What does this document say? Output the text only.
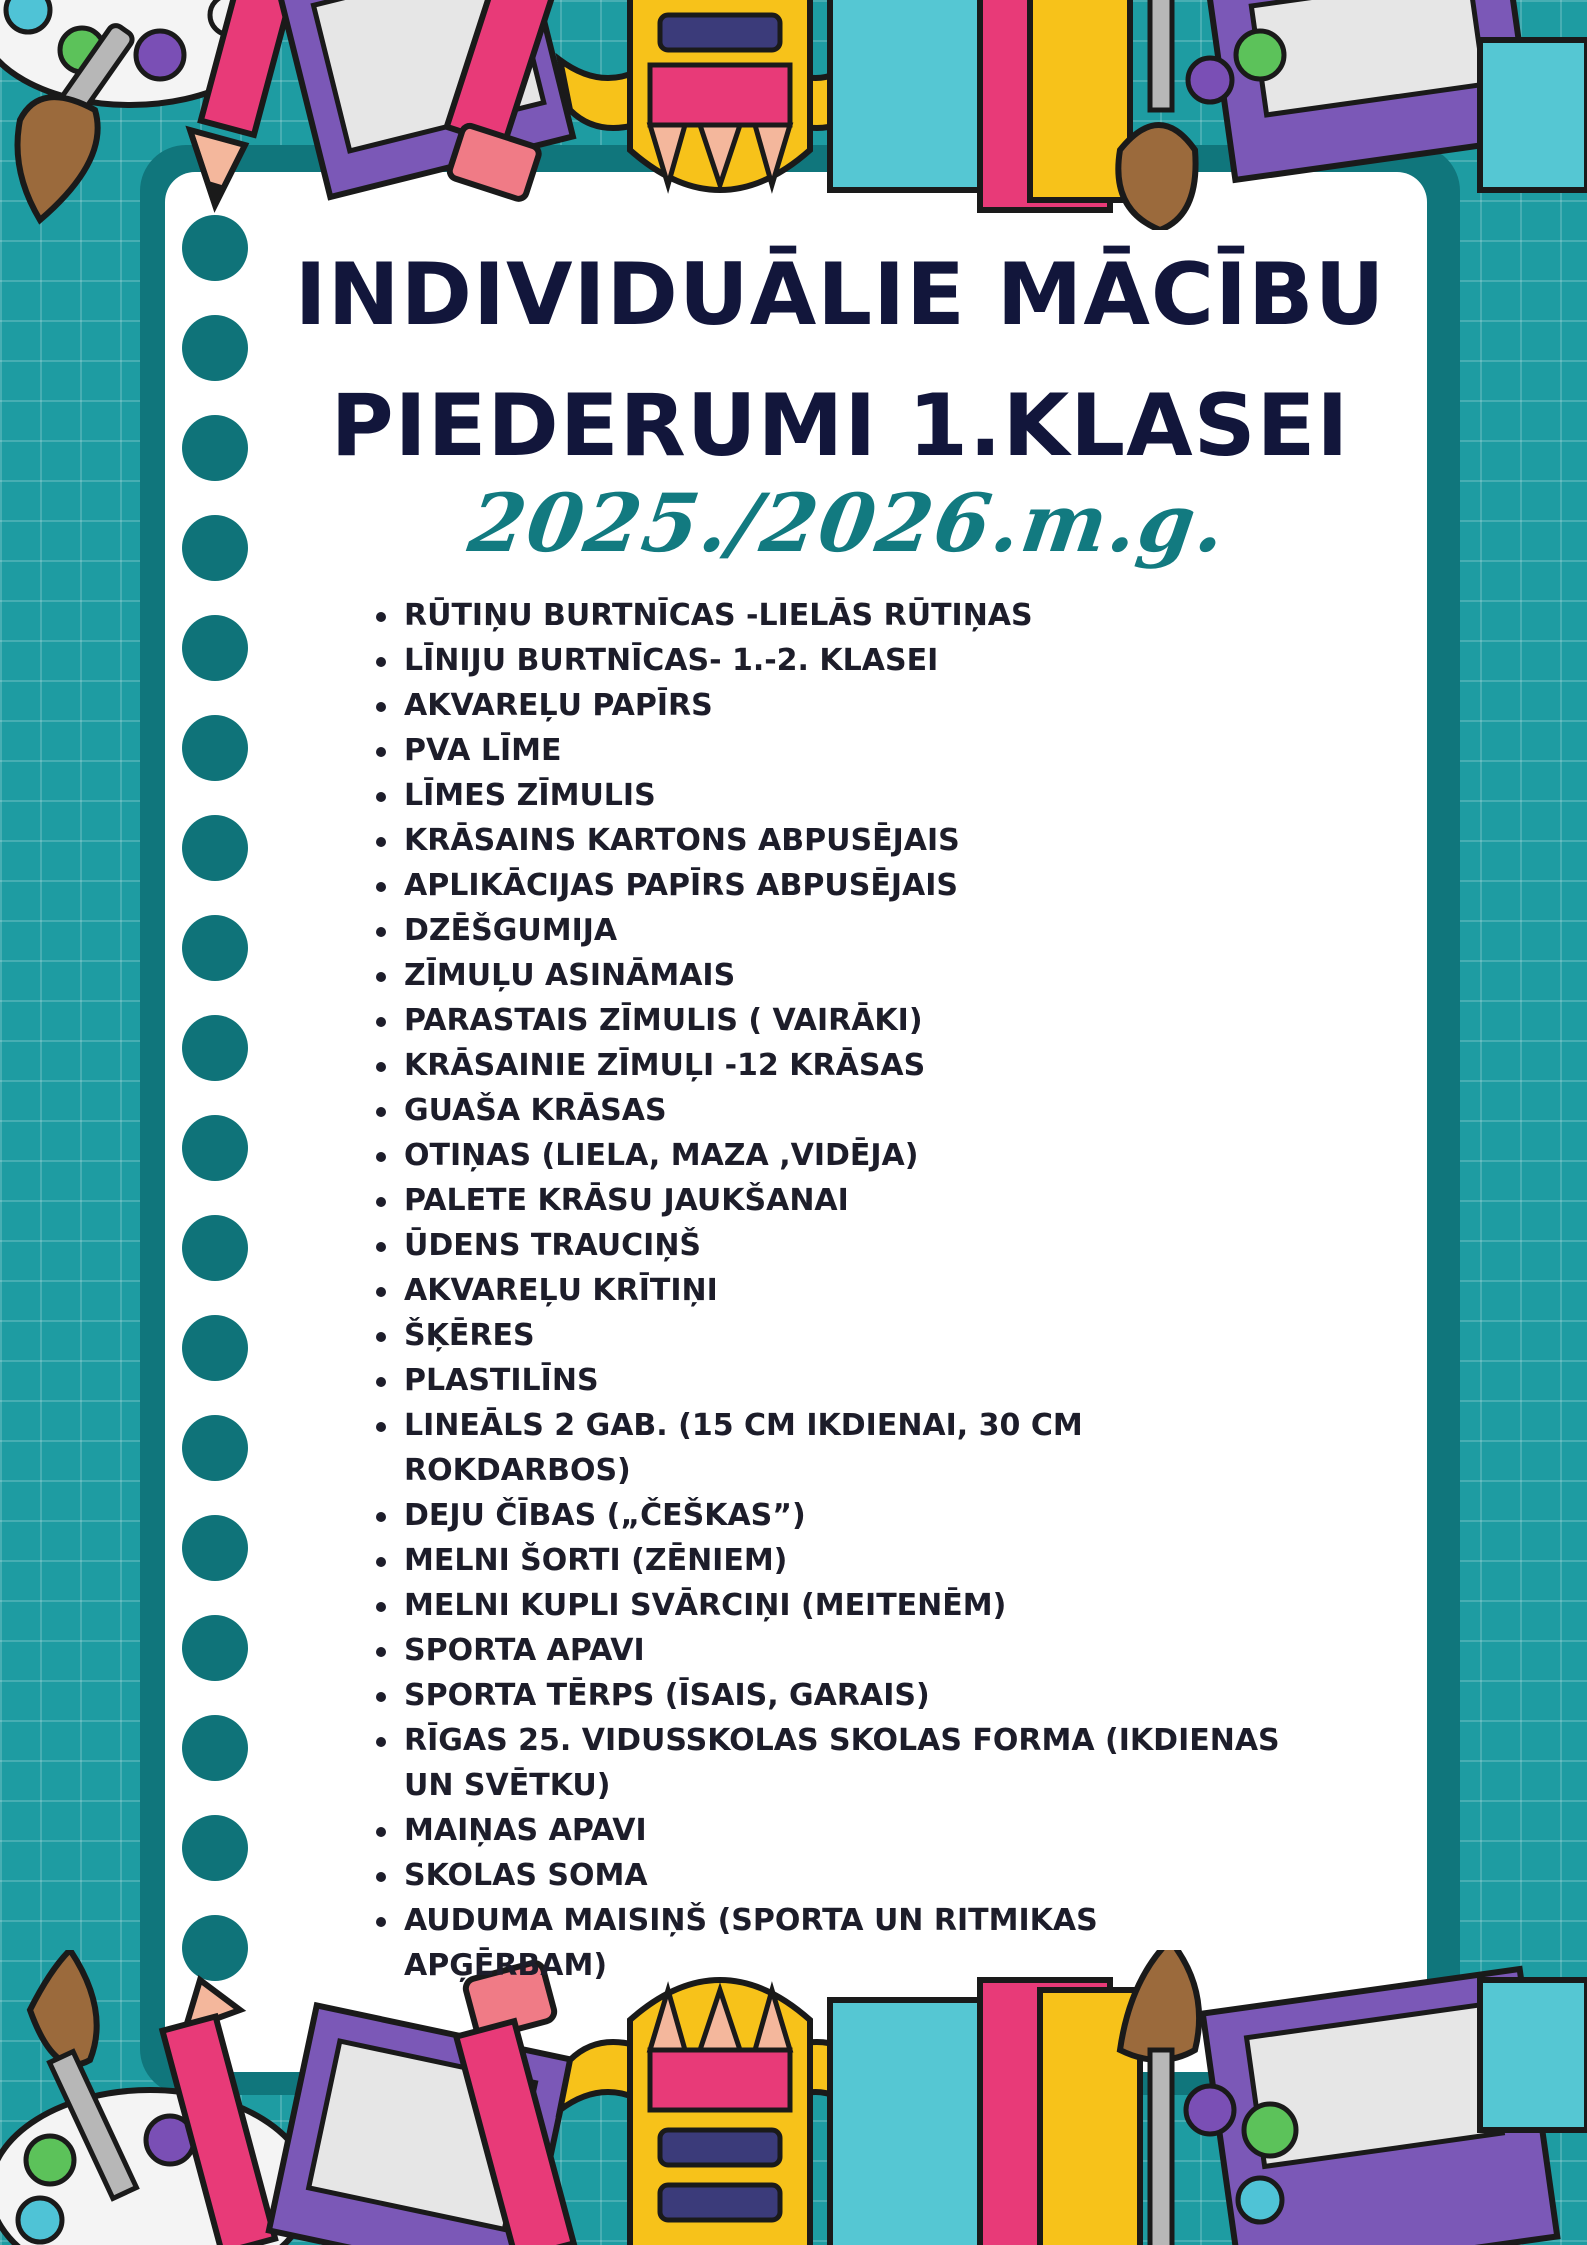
INDIVIDUĀLIE MĀCĪBU
PIEDERUMI 1.KLASEI

2025./2026.m.g.

RŪTIŅU BURTNĪCAS -LIELĀS RŪTIŅAS
LĪNIJU BURTNĪCAS- 1.-2. KLASEI
AKVAREĻU PAPĪRS
PVA LĪME
LĪMES ZĪMULIS
KRĀSAINS KARTONS ABPUSĒJAIS
APLIKĀCIJAS PAPĪRS ABPUSĒJAIS
DZĒŠGUMIJA
ZĪMUĻU ASINĀMAIS
PARASTAIS ZĪMULIS ( VAIRĀKI)
KRĀSAINIE ZĪMUĻI -12 KRĀSAS
GUAŠA KRĀSAS
OTIŅAS (LIELA, MAZA ,VIDĒJA)
PALETE KRĀSU JAUKŠANAI
ŪDENS TRAUCIŅŠ
AKVAREĻU KRĪTIŅI
ŠĶĒRES
PLASTILĪNS
LINEĀLS 2 GAB. (15 CM IKDIENAI, 30 CM ROKDARBOS)
DEJU ČĪBAS („ČEŠKAS”)
MELNI ŠORTI (ZĒNIEM)
MELNI KUPLI SVĀRCIŅI (MEITENĒM)
SPORTA APAVI
SPORTA TĒRPS (ĪSAIS, GARAIS)
RĪGAS 25. VIDUSSKOLAS SKOLAS FORMA (IKDIENAS UN SVĒTKU)
MAIŅAS APAVI
SKOLAS SOMA
AUDUMA MAISIŅŠ (SPORTA UN RITMIKAS APĢĒRBAM)
